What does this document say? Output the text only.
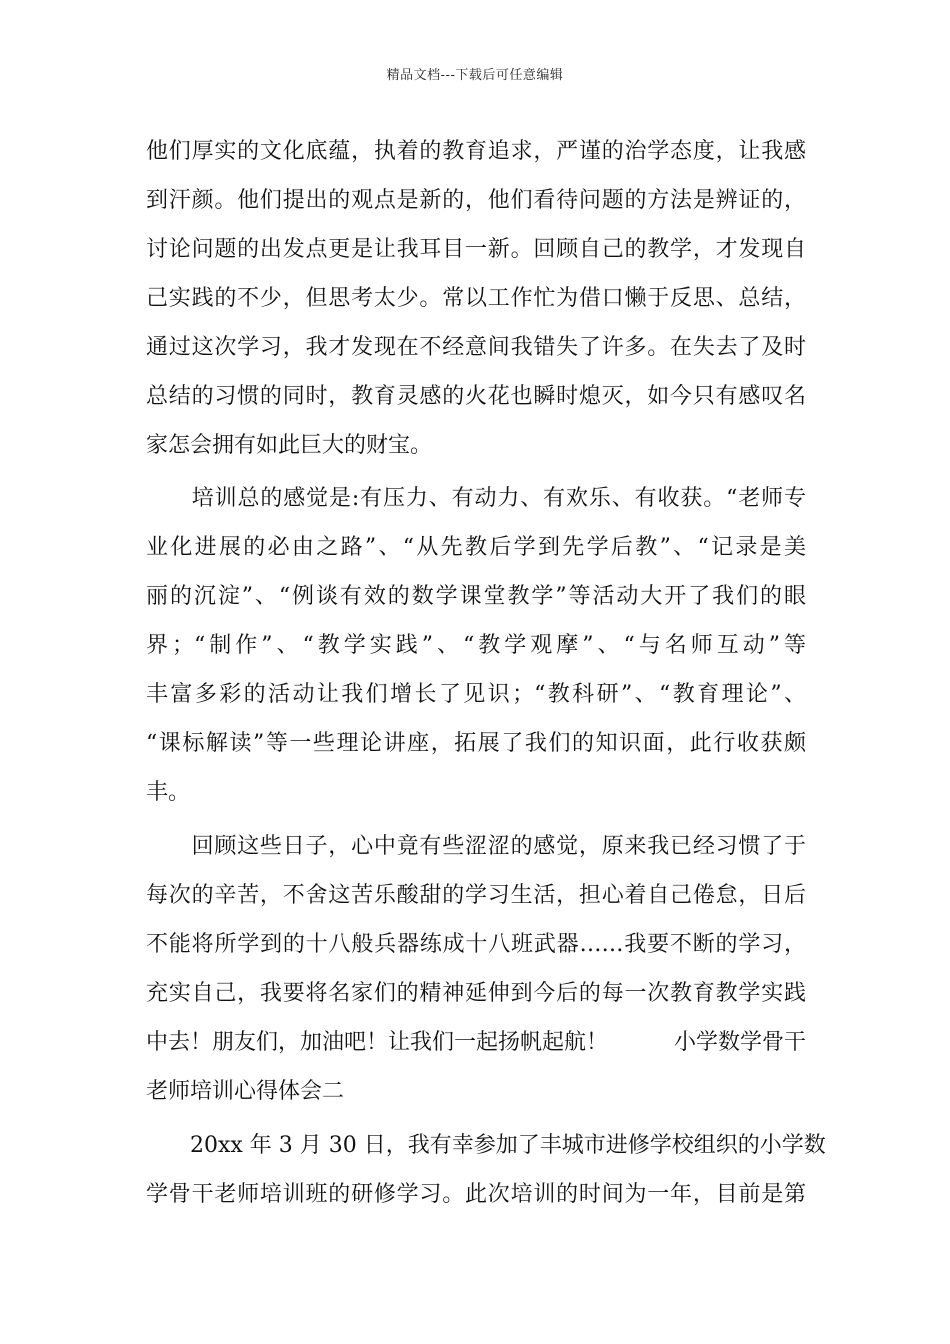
精品文档---下载后可任意编辑
他们厚实的文化底蕴，执着的教育追求，严谨的治学态度，让我感
到汗颜。他们提出的观点是新的，他们看待问题的方法是辨证的，
讨论问题的出发点更是让我耳目一新。回顾自己的教学，才发现自
己实践的不少，但思考太少。常以工作忙为借口懒于反思、总结，
通过这次学习，我才发现在不经意间我错失了许多。在失去了及时
总结的习惯的同时，教育灵感的火花也瞬时熄灭，如今只有感叹名
家怎会拥有如此巨大的财宝。
　　培训总的感觉是:有压力、有动力、有欢乐、有收获。“老师专
业化进展的必由之路”、“从先教后学到先学后教”、“记录是美
丽的沉淀”、“例谈有效的数学课堂教学”等活动大开了我们的眼
界；“制作”、“教学实践”、“教学观摩”、“与名师互动”等
丰富多彩的活动让我们增长了见识；“教科研”、“教育理论”、
“课标解读”等一些理论讲座，拓展了我们的知识面，此行收获颇
丰。
　　回顾这些日子，心中竟有些涩涩的感觉，原来我已经习惯了于
每次的辛苦，不舍这苦乐酸甜的学习生活，担心着自己倦怠，日后
不能将所学到的十八般兵器练成十八班武器……我要不断的学习，
充实自己，我要将名家们的精神延伸到今后的每一次教育教学实践
中去！朋友们，加油吧！让我们一起扬帆起航！　　　小学数学骨干
老师培训心得体会二
　　20xx 年 3 月 30 日，我有幸参加了丰城市进修学校组织的小学数
学骨干老师培训班的研修学习。此次培训的时间为一年，目前是第
